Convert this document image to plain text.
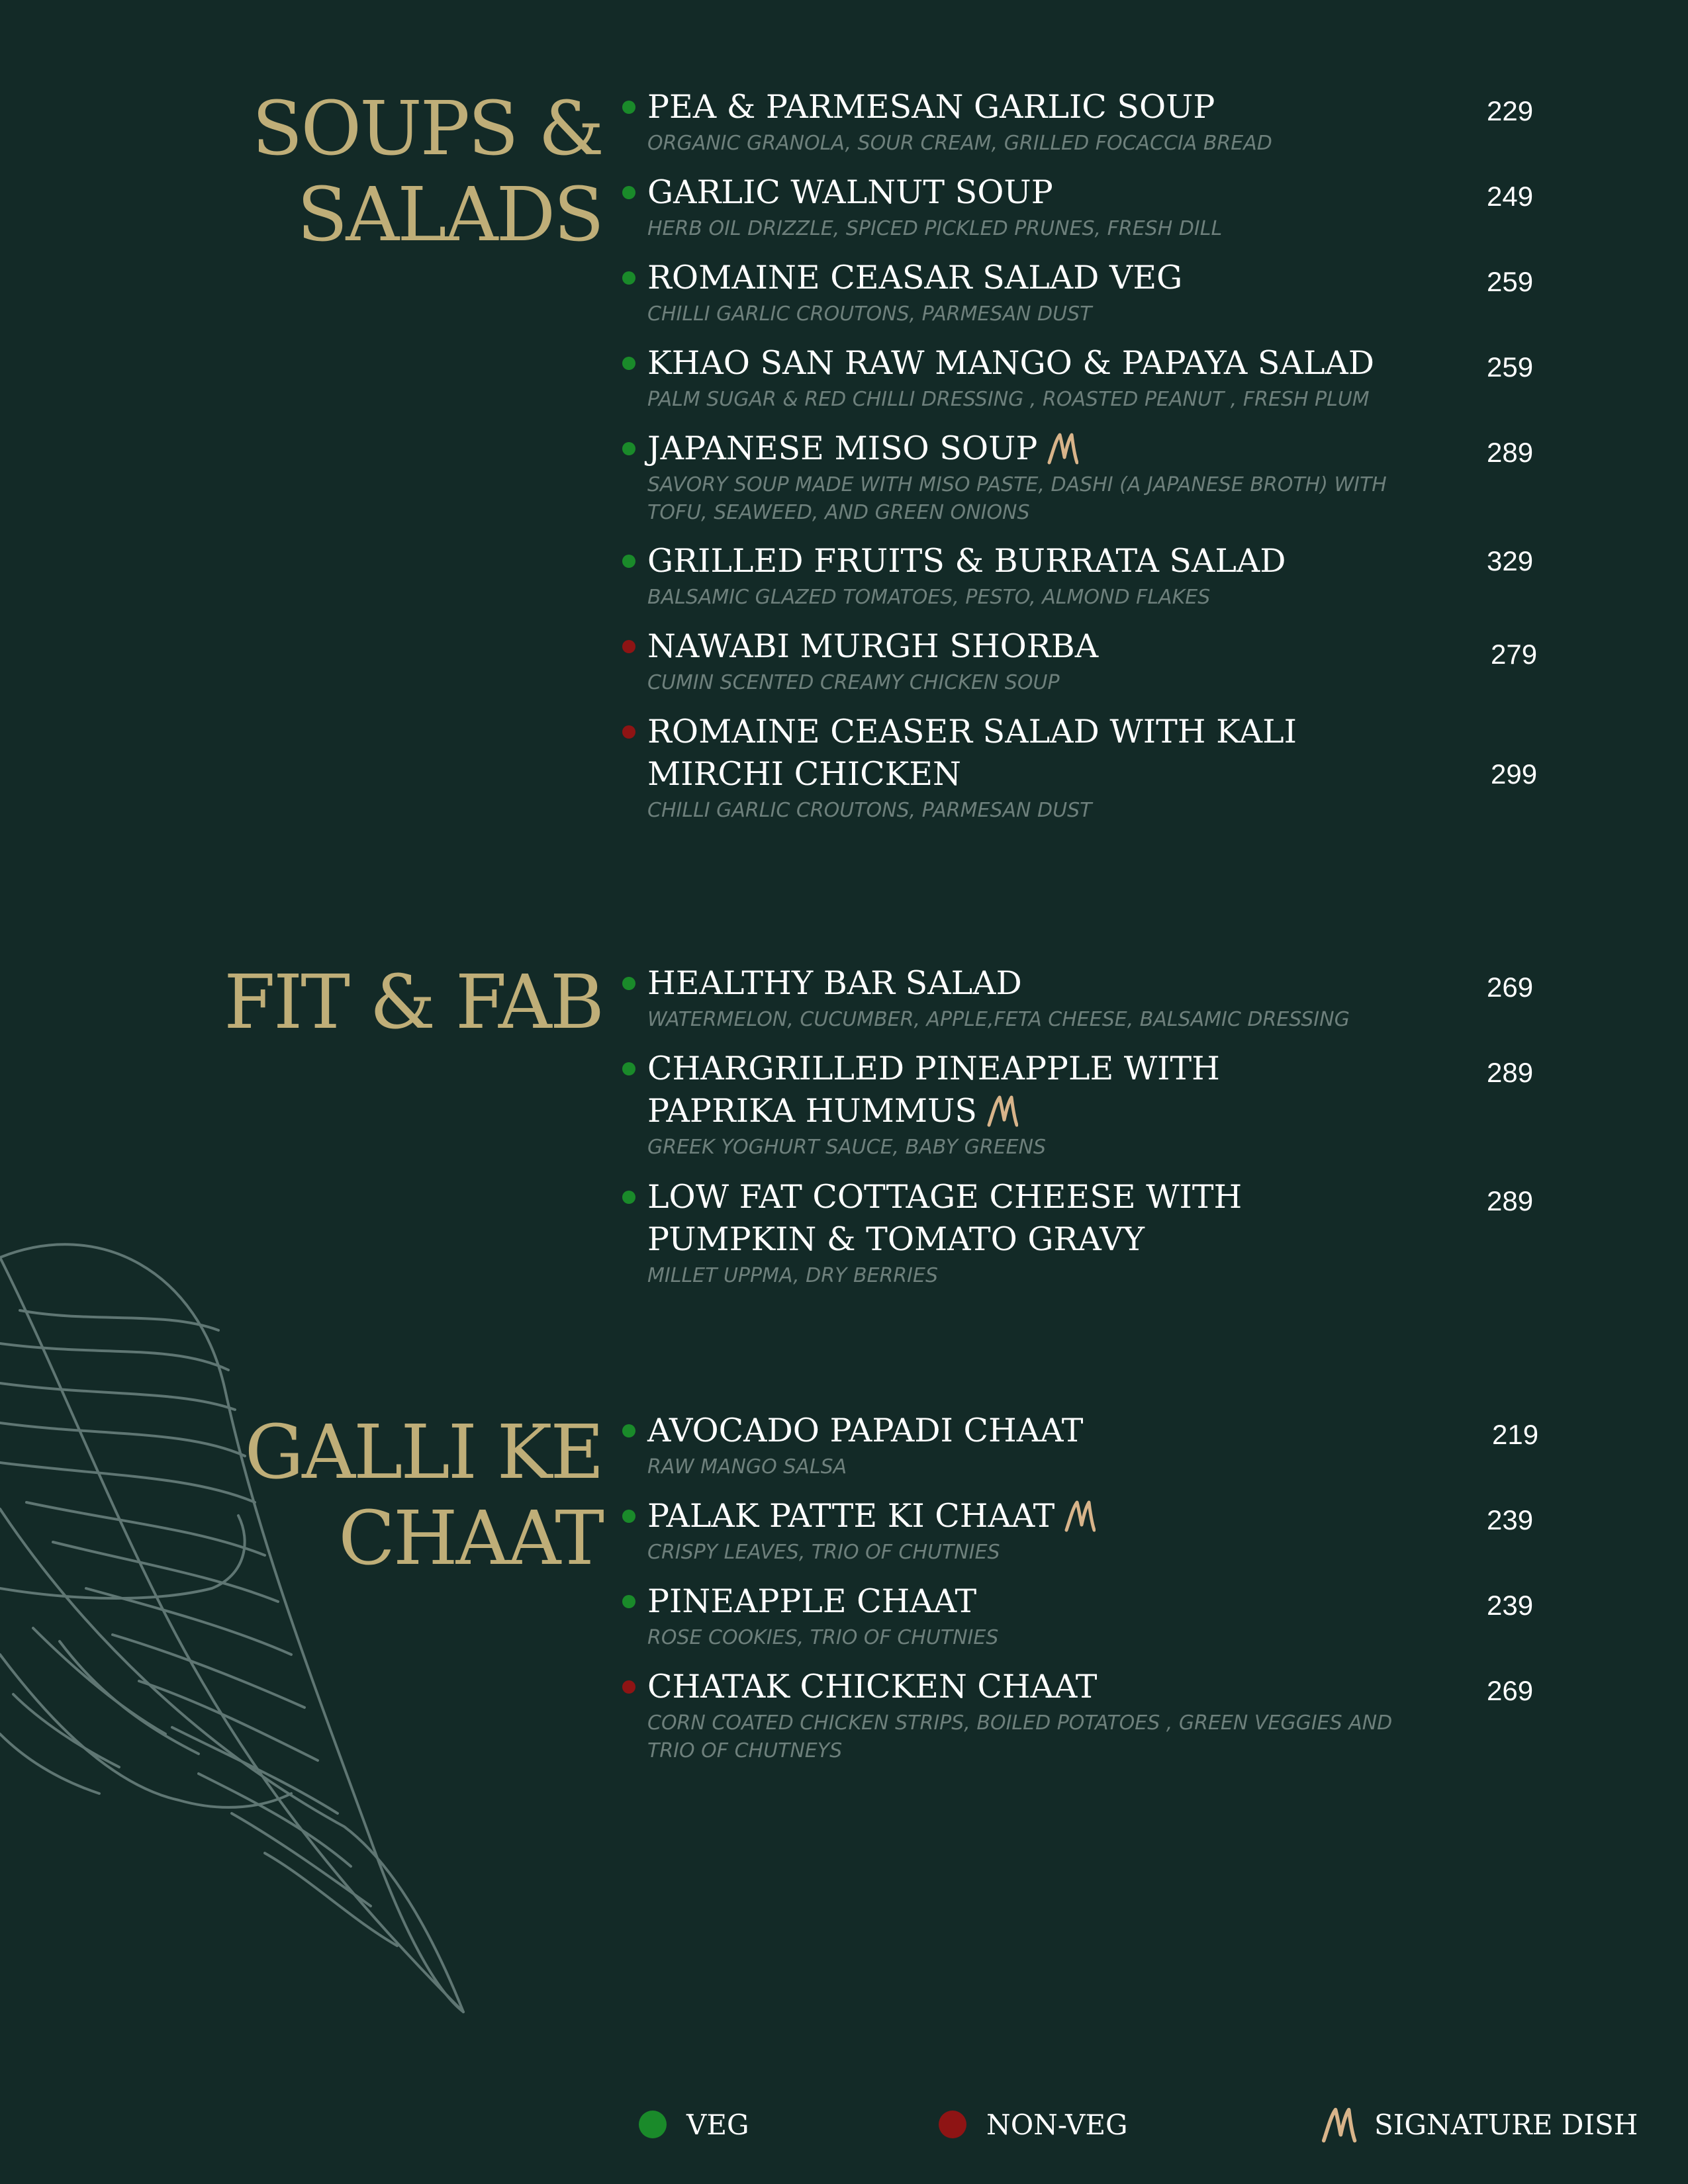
SOUPS &
SALADS
PEA & PARMESAN GARLIC SOUP
ORGANIC GRANOLA, SOUR CREAM, GRILLED FOCACCIA BREAD
229
GARLIC WALNUT SOUP
HERB OIL DRIZZLE, SPICED PICKLED PRUNES, FRESH DILL
249
ROMAINE CEASAR SALAD VEG
CHILLI GARLIC CROUTONS, PARMESAN DUST
259
KHAO SAN RAW MANGO & PAPAYA SALAD
PALM SUGAR & RED CHILLI DRESSING , ROASTED PEANUT , FRESH PLUM
259
JAPANESE MISO SOUP
SAVORY SOUP MADE WITH MISO PASTE, DASHI (A JAPANESE BROTH) WITH TOFU, SEAWEED, AND GREEN ONIONS
289
GRILLED FRUITS & BURRATA SALAD
BALSAMIC GLAZED TOMATOES, PESTO, ALMOND FLAKES
329
NAWABI MURGH SHORBA
CUMIN SCENTED CREAMY CHICKEN SOUP
279
ROMAINE CEASER SALAD WITH KALI MIRCHI CHICKEN
CHILLI GARLIC CROUTONS, PARMESAN DUST
299
FIT & FAB HEALTHY BAR SALAD
WATERMELON, CUCUMBER, APPLE,FETA CHEESE, BALSAMIC DRESSING
269
CHARGRILLED PINEAPPLE WITH PAPRIKA HUMMUS
GREEK YOGHURT SAUCE, BABY GREENS
289
LOW FAT COTTAGE CHEESE WITH PUMPKIN & TOMATO GRAVY
MILLET UPPMA, DRY BERRIES
289
GALLI KE
CHAAT
AVOCADO PAPADI CHAAT
RAW MANGO SALSA
219
PALAK PATTE KI CHAAT
CRISPY LEAVES, TRIO OF CHUTNIES
239
PINEAPPLE CHAAT
ROSE COOKIES, TRIO OF CHUTNIES
239
CHATAK CHICKEN CHAAT
CORN COATED CHICKEN STRIPS, BOILED POTATOES , GREEN VEGGIES AND TRIO OF CHUTNEYS
269
VEG	NON-VEG	SIGNATURE DISH
